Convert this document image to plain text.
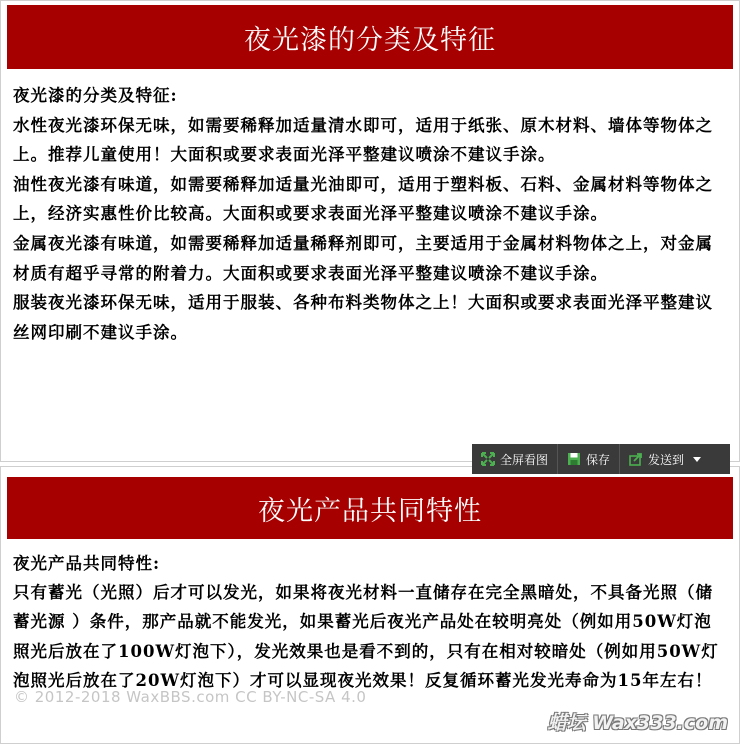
夜光漆的分类及特征
夜光漆的分类及特征:
水性夜光漆环保无味，如需要稀释加适量清水即可，适用于纸张、原木材料、墙体等物体之上。推荐儿童使用！大面积或要求表面光泽平整建议喷涂不建议手涂。
油性夜光漆有味道，如需要稀释加适量光油即可，适用于塑料板、石料、金属材料等物体之上，经济实惠性价比较高。大面积或要求表面光泽平整建议喷涂不建议手涂。
金属夜光漆有味道，如需要稀释加适量稀释剂即可，主要适用于金属材料物体之上，对金属材质有超乎寻常的附着力。大面积或要求表面光泽平整建议喷涂不建议手涂。
服装夜光漆环保无味，适用于服装、各种布料类物体之上！大面积或要求表面光泽平整建议丝网印刷不建议手涂。
全屏看图	保存	发送到
夜光产品共同特性
夜光产品共同特性:
只有蓄光（光照）后才可以发光，如果将夜光材料一直储存在完全黑暗处，不具备光照（储蓄光源 ）条件，那产品就不能发光，如果蓄光后夜光产品处在较明亮处（例如用50W灯泡照光后放在了100W灯泡下），发光效果也是看不到的，只有在相对较暗处（例如用50W灯泡照光后放在了20W灯泡下）才可以显现夜光效果！反复循环蓄光发光寿命为15年左右！
© 2012-2018 WaxBBS.com CC BY-NC-SA 4.0
蜡坛 Wax333.com
